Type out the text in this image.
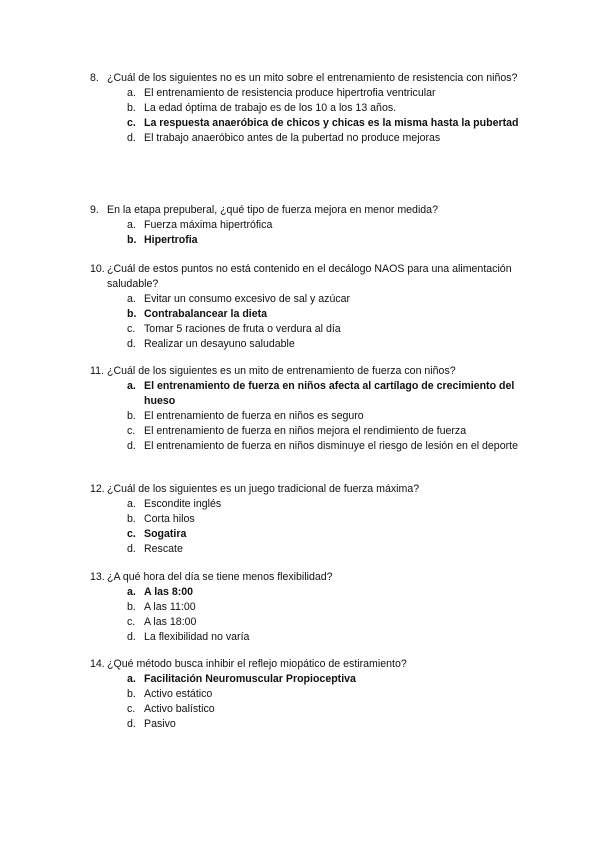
8. ¿Cuál de los siguientes no es un mito sobre el entrenamiento de resistencia con niños?
a. El entrenamiento de resistencia produce hipertrofia ventricular
b. La edad óptima de trabajo es de los 10 a los 13 años.
c. La respuesta anaeróbica de chicos y chicas es la misma hasta la pubertad
d. El trabajo anaeróbico antes de la pubertad no produce mejoras
9. En la etapa prepuberal, ¿qué tipo de fuerza mejora en menor medida?
a. Fuerza máxima hipertrófica
b. Hipertrofia
10. ¿Cuál de estos puntos no está contenido en el decálogo NAOS para una alimentación saludable?
a. Evitar un consumo excesivo de sal y azúcar
b. Contrabalancear la dieta
c. Tomar 5 raciones de fruta o verdura al día
d. Realizar un desayuno saludable
11. ¿Cuál de los siguientes es un mito de entrenamiento de fuerza con niños?
a. El entrenamiento de fuerza en niños afecta al cartílago de crecimiento del hueso
b. El entrenamiento de fuerza en niños es seguro
c. El entrenamiento de fuerza en niños mejora el rendimiento de fuerza
d. El entrenamiento de fuerza en niños disminuye el riesgo de lesión en el deporte
12. ¿Cuál de los siguientes es un juego tradicional de fuerza máxima?
a. Escondite inglés
b. Corta hilos
c. Sogatira
d. Rescate
13. ¿A qué hora del día se tiene menos flexibilidad?
a. A las 8:00
b. A las 11:00
c. A las 18:00
d. La flexibilidad no varía
14. ¿Qué método busca inhibir el reflejo miopático de estiramiento?
a. Facilitación Neuromuscular Propioceptiva
b. Activo estático
c. Activo balístico
d. Pasivo
